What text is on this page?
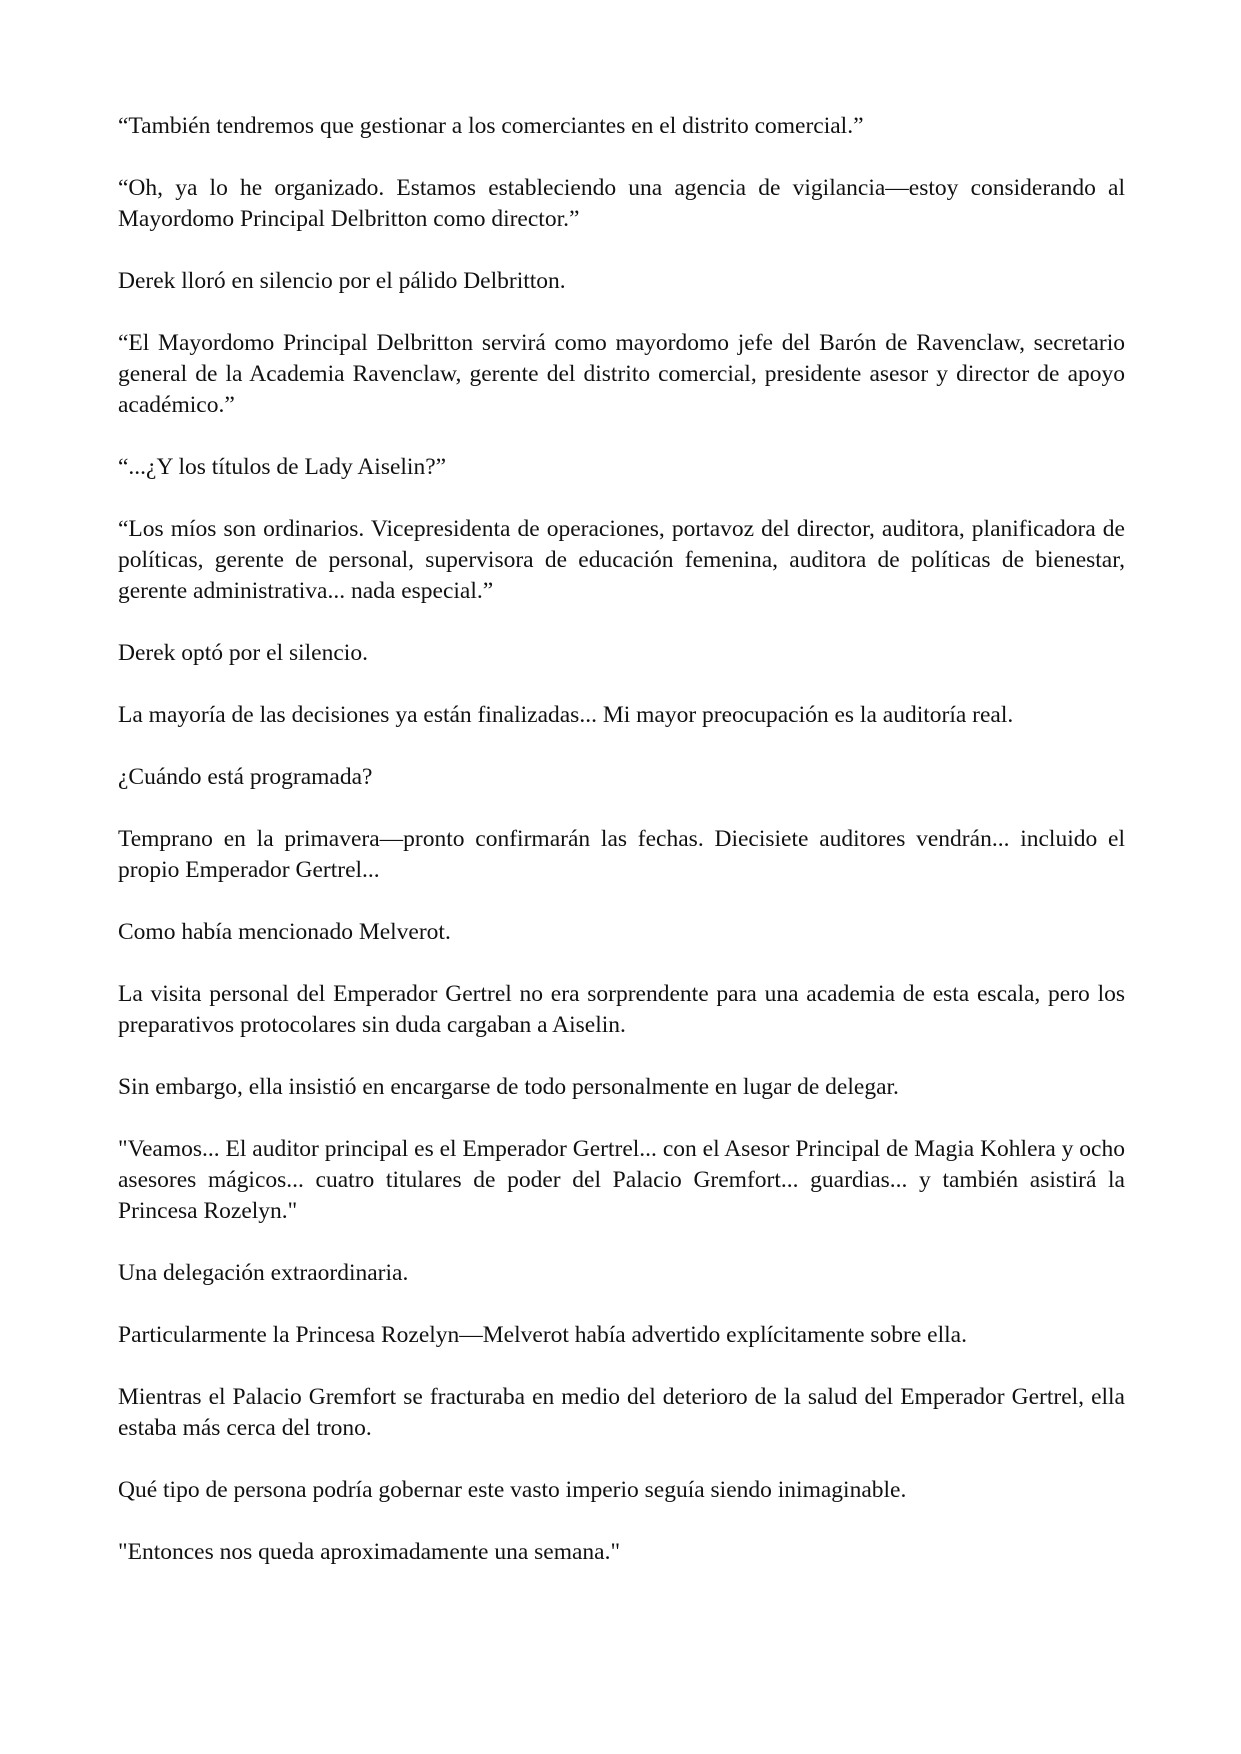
“También tendremos que gestionar a los comerciantes en el distrito comercial.”

“Oh, ya lo he organizado. Estamos estableciendo una agencia de vigilancia—estoy considerando al Mayordomo Principal Delbritton como director.”

Derek lloró en silencio por el pálido Delbritton.

“El Mayordomo Principal Delbritton servirá como mayordomo jefe del Barón de Ravenclaw, secretario general de la Academia Ravenclaw, gerente del distrito comercial, presidente asesor y director de apoyo académico.”

“...¿Y los títulos de Lady Aiselin?”

“Los míos son ordinarios. Vicepresidenta de operaciones, portavoz del director, auditora, planificadora de políticas, gerente de personal, supervisora de educación femenina, auditora de políticas de bienestar, gerente administrativa... nada especial.”

Derek optó por el silencio.

La mayoría de las decisiones ya están finalizadas... Mi mayor preocupación es la auditoría real.

¿Cuándo está programada?

Temprano en la primavera—pronto confirmarán las fechas. Diecisiete auditores vendrán... incluido el propio Emperador Gertrel...

Como había mencionado Melverot.

La visita personal del Emperador Gertrel no era sorprendente para una academia de esta escala, pero los preparativos protocolares sin duda cargaban a Aiselin.

Sin embargo, ella insistió en encargarse de todo personalmente en lugar de delegar.

"Veamos... El auditor principal es el Emperador Gertrel... con el Asesor Principal de Magia Kohlera y ocho asesores mágicos... cuatro titulares de poder del Palacio Gremfort... guardias... y también asistirá la Princesa Rozelyn."

Una delegación extraordinaria.

Particularmente la Princesa Rozelyn—Melverot había advertido explícitamente sobre ella.

Mientras el Palacio Gremfort se fracturaba en medio del deterioro de la salud del Emperador Gertrel, ella estaba más cerca del trono.

Qué tipo de persona podría gobernar este vasto imperio seguía siendo inimaginable.

"Entonces nos queda aproximadamente una semana."
